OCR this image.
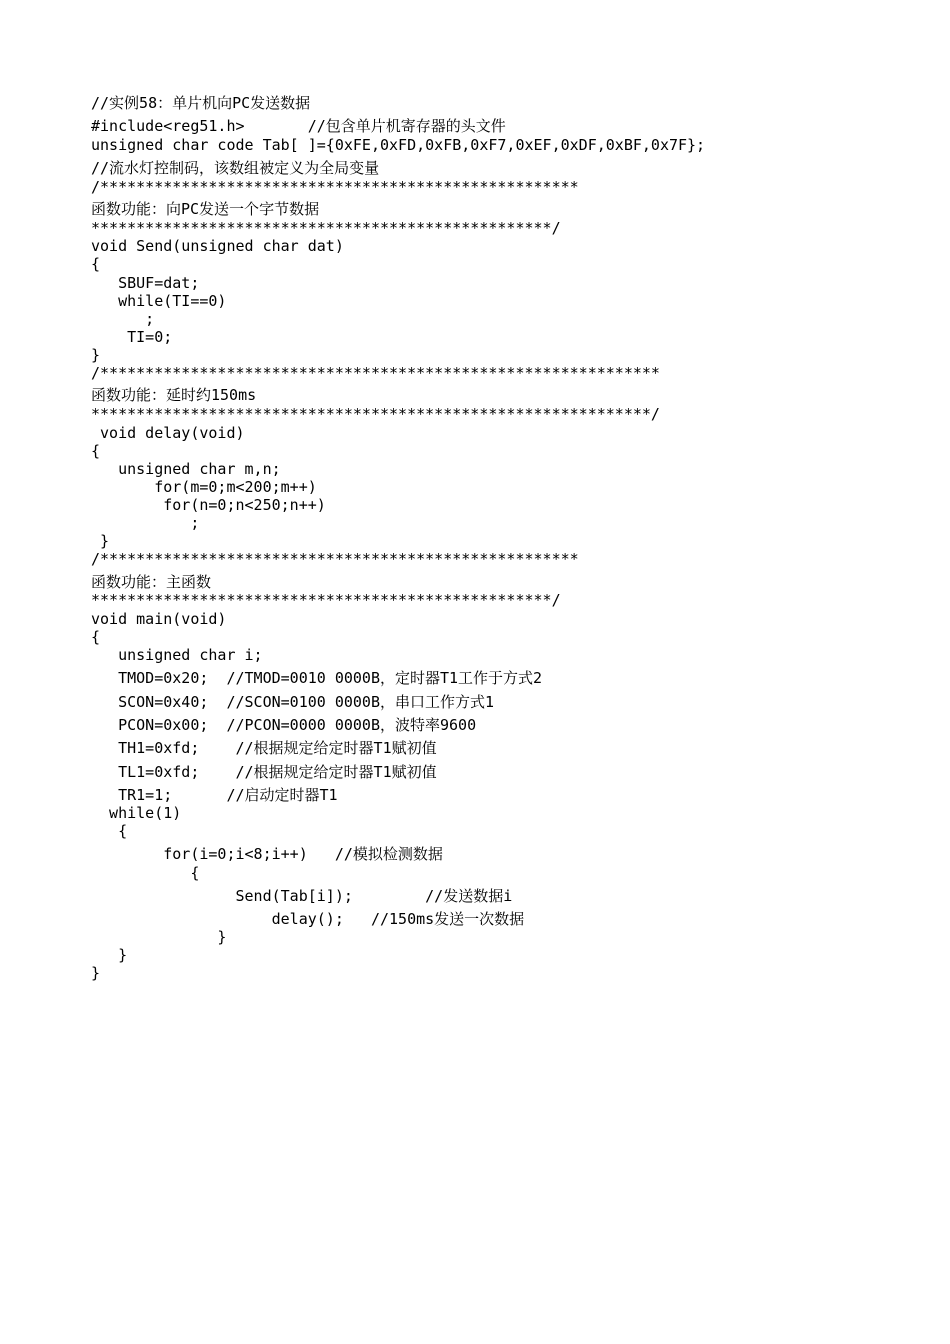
//实例58：单片机向PC发送数据
#include<reg51.h>       //包含单片机寄存器的头文件
unsigned char code Tab[ ]={0xFE,0xFD,0xFB,0xF7,0xEF,0xDF,0xBF,0x7F};
//流水灯控制码，该数组被定义为全局变量
/*****************************************************
函数功能：向PC发送一个字节数据
***************************************************/
void Send(unsigned char dat)
{
SBUF=dat;
while(TI==0)
;
TI=0;
}
/**************************************************************
函数功能：延时约150ms
**************************************************************/
void delay(void)
{
unsigned char m,n;
for(m=0;m<200;m++)
for(n=0;n<250;n++)
;
}
/*****************************************************
函数功能：主函数
***************************************************/
void main(void)
{
unsigned char i;
TMOD=0x20;  //TMOD=0010 0000B，定时器T1工作于方式2
SCON=0x40;  //SCON=0100 0000B，串口工作方式1
PCON=0x00;  //PCON=0000 0000B，波特率9600
TH1=0xfd;    //根据规定给定时器T1赋初值
TL1=0xfd;    //根据规定给定时器T1赋初值
TR1=1;      //启动定时器T1
while(1)
{
for(i=0;i<8;i++)   //模拟检测数据
{
Send(Tab[i]);        //发送数据i
delay();   //150ms发送一次数据
}
}
}
